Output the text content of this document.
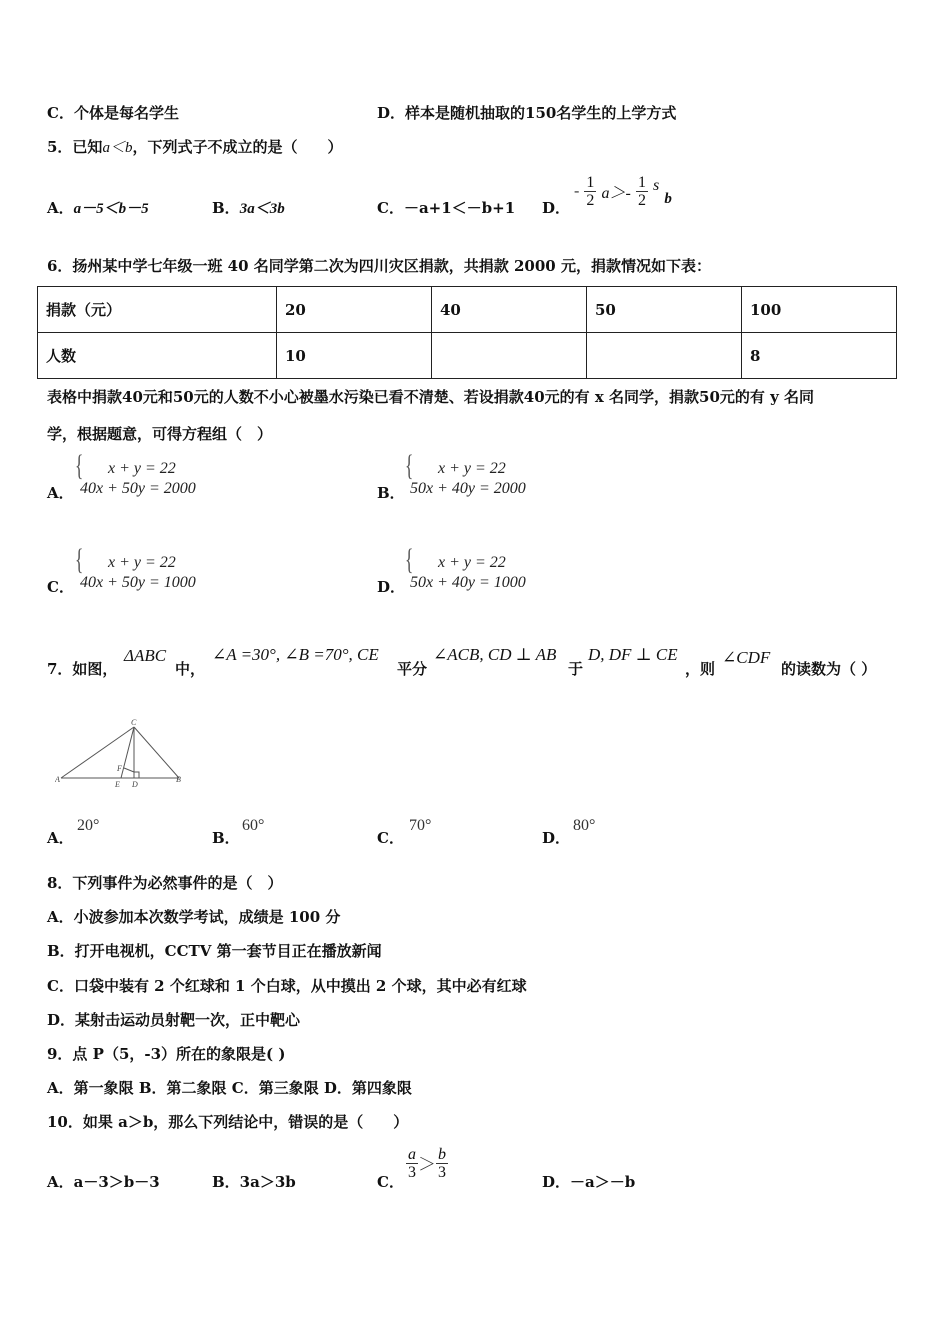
C．个体是每名学生	D．样本是随机抽取的150名学生的上学方式
5．已知a＜b，下列式子不成立的是（　　）
A．a－5＜b－5	B．3a＜3b	C．－a+1＜－b+1 D．
- $\frac{1}{2} a>- \frac{1}{2}$ s b
6．扬州某中学七年级一班 40 名同学第二次为四川灾区捐款，共捐款 2000 元，捐款情况如下表：
捐款（元）	20	40	50	100
人数	10			8
表格中捐款40元和50元的人数不小心被墨水污染已看不清楚、若设捐款40元的有 x 名同学，捐款50元的有 y 名同
学，根据题意，可得方程组（　）
A．
{	x + y = 22
40x + 50y = 2000	B．
{	x + y = 22
50x + 40y = 2000
C．
{	x + y = 22
40x + 50y = 1000	D．
{	x + y = 22
50x + 40y = 1000
7．如图，
ΔABC
中，
∠A =30°, ∠B =70°, CE
平分
∠ACB, CD ⊥ AB
于
D, DF ⊥ CE
，则
∠CDF
的读数为（ ）
A	B
C
D
E
F
A．
20°
B．
60°
C．
70°
D．
80°
8．下列事件为必然事件的是（　）
A．小波参加本次数学考试，成绩是 100 分
B．打开电视机，CCTV 第一套节目正在播放新闻
C．口袋中装有 2 个红球和 1 个白球，从中摸出 2 个球，其中必有红球
D．某射击运动员射靶一次，正中靶心
9．点 P（5，-3）所在的象限是( )
A．第一象限 B．第二象限 C．第三象限 D．第四象限
10．如果 a＞b，那么下列结论中，错误的是（　　）
A．a－3＞b－3	B．3a＞3b	C．
$\frac{a}{3} > \frac{b}{3}$
D．－a＞－b
